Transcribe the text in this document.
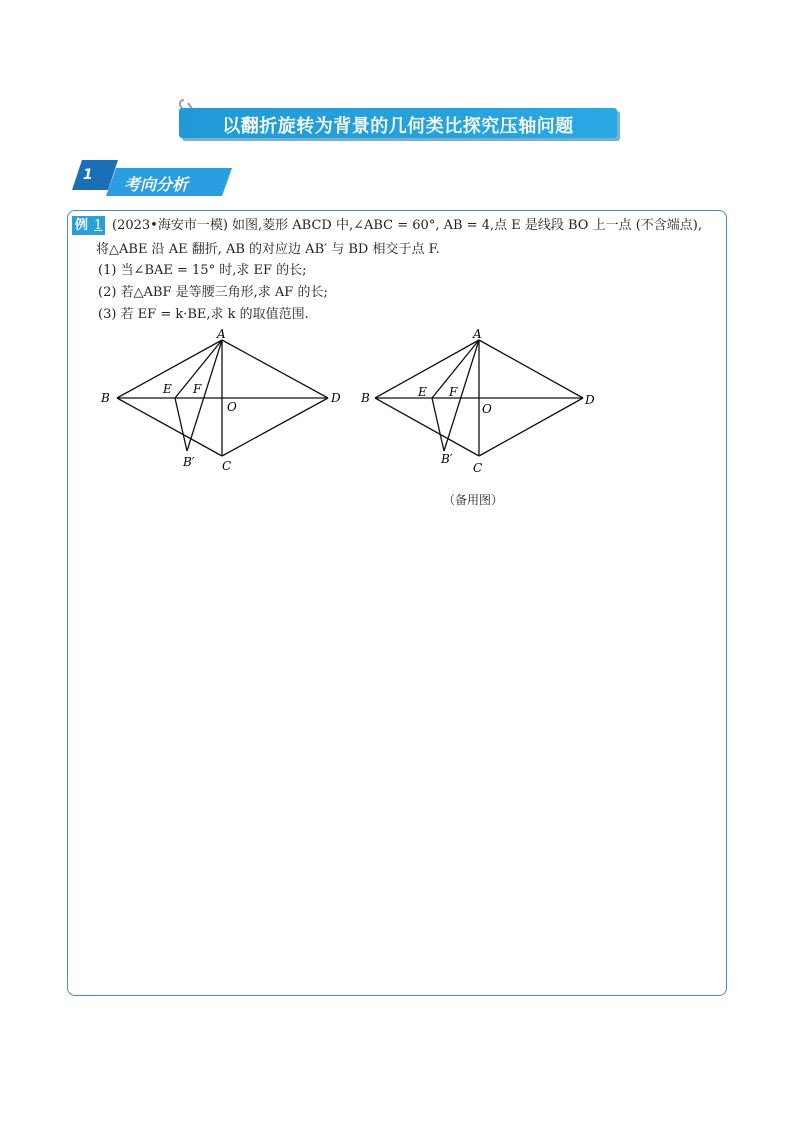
以翻折旋转为背景的几何类比探究压轴问题
1 考向分析
例 1 (2023•海安市一模) 如图,菱形 ABCD 中,∠ABC = 60°, AB = 4,点 E 是线段 BO 上一点 (不含端点),
将△ABE 沿 AE 翻折, AB 的对应边 AB′ 与 BD 相交于点 F.
(1) 当∠BAE = 15° 时,求 EF 的长;
(2) 若△ABF 是等腰三角形,求 AF 的长;
(3) 若 EF = k·BE,求 k 的取值范围.
A
B
C
D
E F
O
B′
A
B
C
D
E F
O
B′
（备用图）
